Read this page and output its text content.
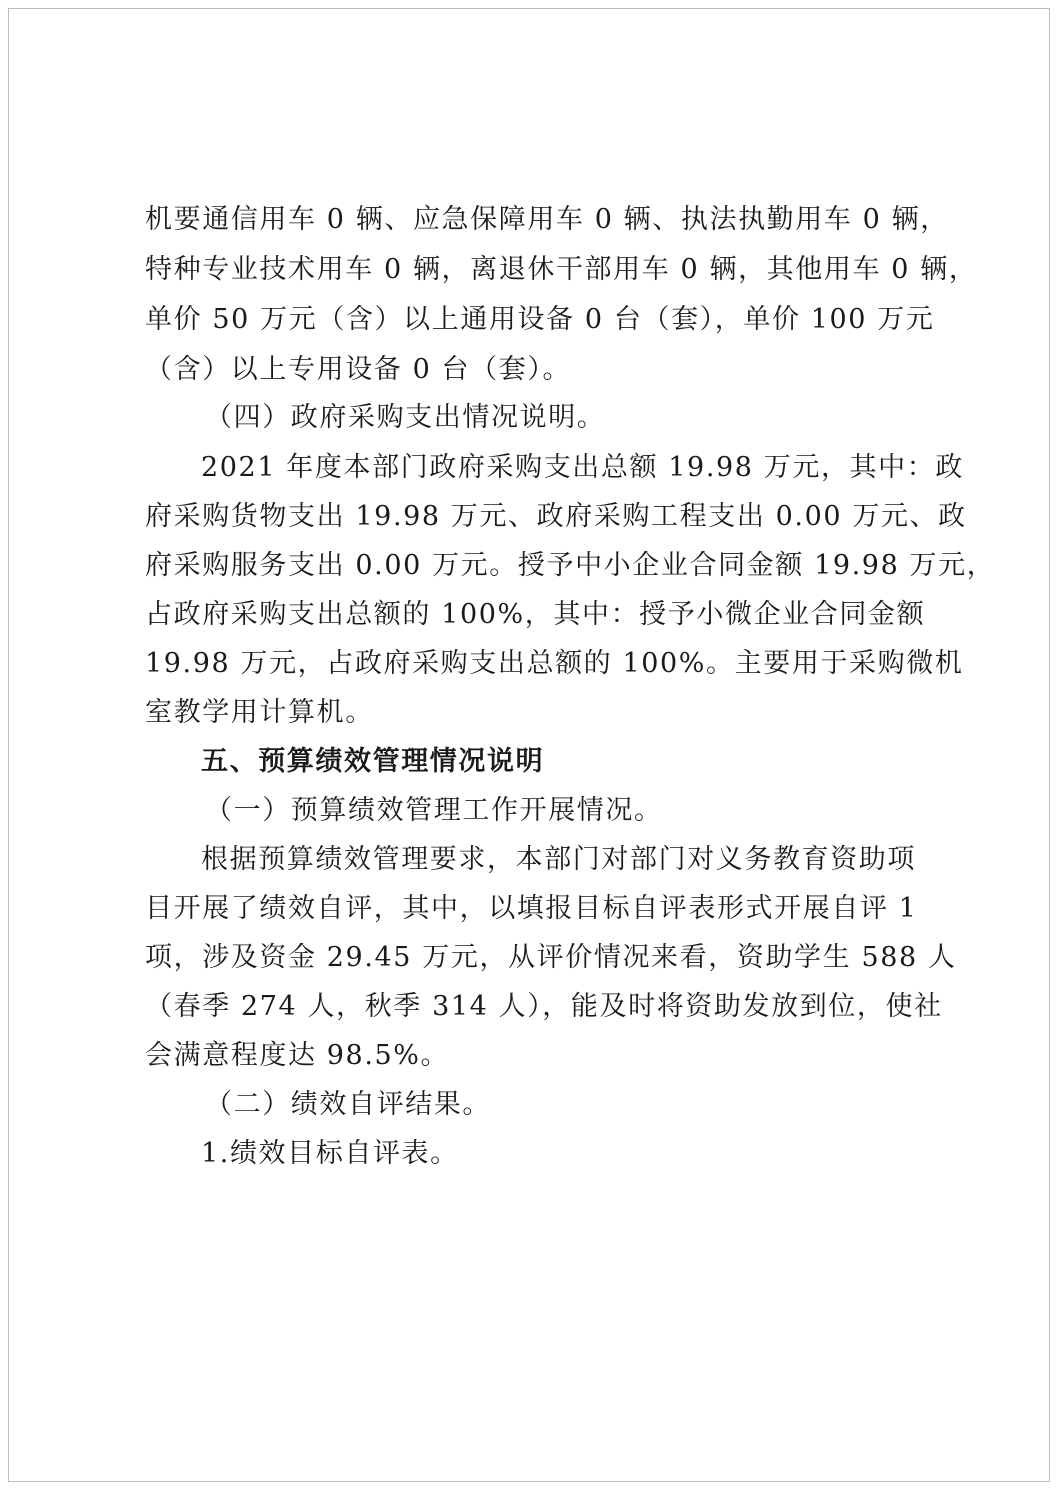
机要通信用车 0 辆、应急保障用车 0 辆、执法执勤用车 0 辆，
特种专业技术用车 0 辆，离退休干部用车 0 辆，其他用车 0 辆，
单价 50 万元（含）以上通用设备 0 台（套），单价 100 万元
（含）以上专用设备 0 台（套）。
（四）政府采购支出情况说明。
2021 年度本部门政府采购支出总额 19.98 万元，其中：政
府采购货物支出 19.98 万元、政府采购工程支出 0.00 万元、政
府采购服务支出 0.00 万元。授予中小企业合同金额 19.98 万元，
占政府采购支出总额的 100%，其中：授予小微企业合同金额
19.98 万元，占政府采购支出总额的 100%。主要用于采购微机
室教学用计算机。
五、预算绩效管理情况说明
（一）预算绩效管理工作开展情况。
根据预算绩效管理要求，本部门对部门对义务教育资助项
目开展了绩效自评，其中，以填报目标自评表形式开展自评 1
项，涉及资金 29.45 万元，从评价情况来看，资助学生 588 人
（春季 274 人，秋季 314 人），能及时将资助发放到位，使社
会满意程度达 98.5%。
（二）绩效自评结果。
1.绩效目标自评表。
